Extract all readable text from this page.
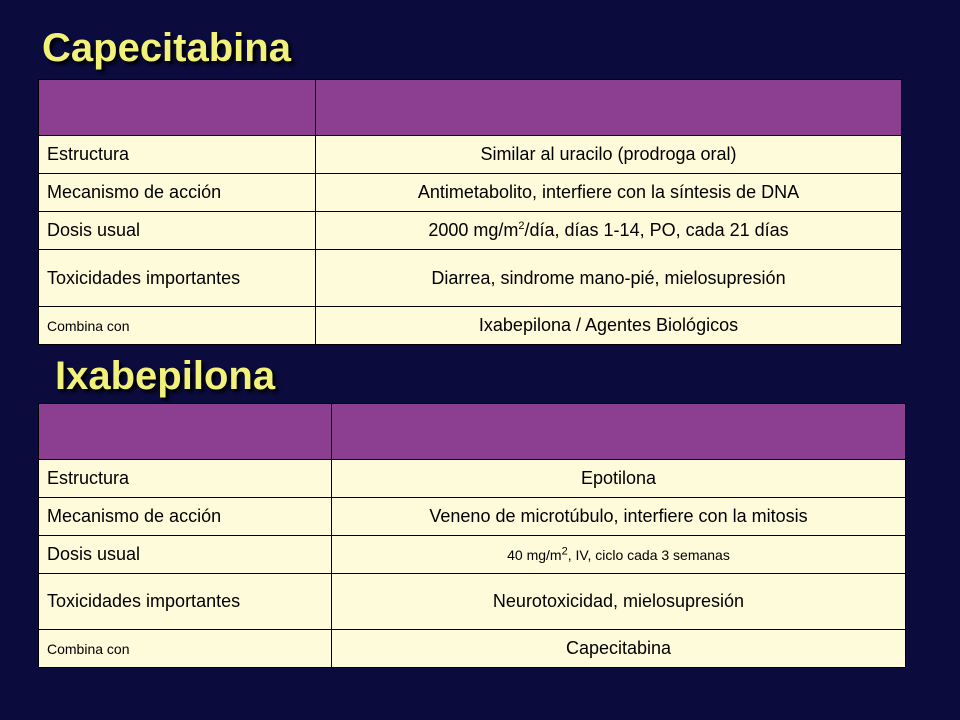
Capecitabina

Estructura	Similar al uracilo (prodroga oral)
Mecanismo de acción	Antimetabolito, interfiere con la síntesis de DNA
Dosis usual	2000 $mg/m^2$/día, días 1-14, PO, cada 21 días
Toxicidades importantes	Diarrea, sindrome mano-pié, mielosupresión
Combina con	Ixabepilona / Agentes Biológicos
Ixabepilona

Estructura	Epotilona
Mecanismo de acción	Veneno de microtúbulo, interfiere con la mitosis
Dosis usual	40 $mg/m^2$, IV, ciclo cada 3 semanas
Toxicidades importantes	Neurotoxicidad, mielosupresión
Combina con	Capecitabina
